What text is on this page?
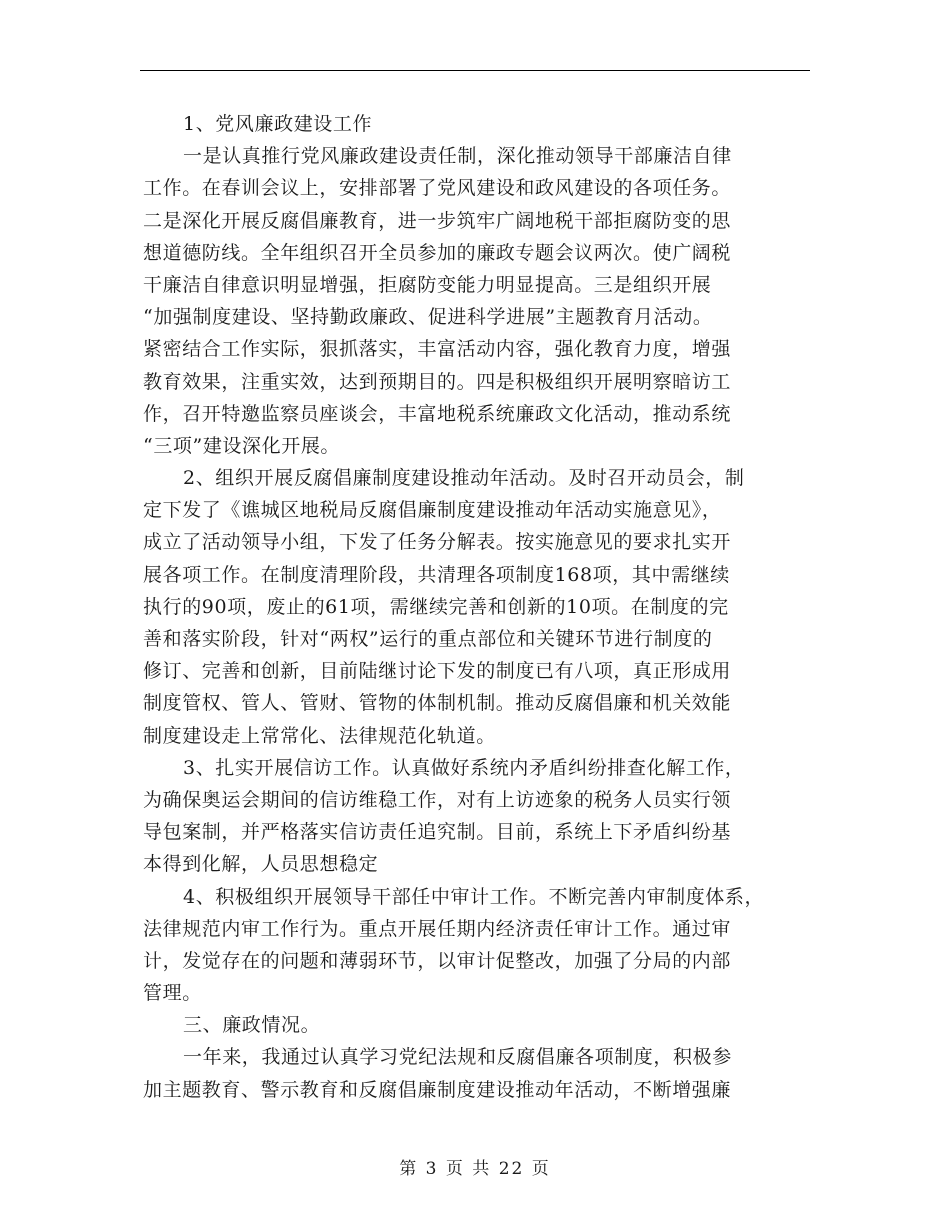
1、党风廉政建设工作
一是认真推行党风廉政建设责任制，深化推动领导干部廉洁自律
工作。在春训会议上，安排部署了党风建设和政风建设的各项任务。
二是深化开展反腐倡廉教育，进一步筑牢广阔地税干部拒腐防变的思
想道德防线。全年组织召开全员参加的廉政专题会议两次。使广阔税
干廉洁自律意识明显增强，拒腐防变能力明显提高。三是组织开展
“加强制度建设、坚持勤政廉政、促进科学进展”主题教育月活动。
紧密结合工作实际，狠抓落实，丰富活动内容，强化教育力度，增强
教育效果，注重实效，达到预期目的。四是积极组织开展明察暗访工
作，召开特邀监察员座谈会，丰富地税系统廉政文化活动，推动系统
“三项”建设深化开展。
2、组织开展反腐倡廉制度建设推动年活动。及时召开动员会，制
定下发了《谯城区地税局反腐倡廉制度建设推动年活动实施意见》，
成立了活动领导小组，下发了任务分解表。按实施意见的要求扎实开
展各项工作。在制度清理阶段，共清理各项制度168项，其中需继续
执行的90项，废止的61项，需继续完善和创新的10项。在制度的完
善和落实阶段，针对“两权”运行的重点部位和关键环节进行制度的
修订、完善和创新，目前陆继讨论下发的制度已有八项，真正形成用
制度管权、管人、管财、管物的体制机制。推动反腐倡廉和机关效能
制度建设走上常常化、法律规范化轨道。
3、扎实开展信访工作。认真做好系统内矛盾纠纷排查化解工作，
为确保奥运会期间的信访维稳工作，对有上访迹象的税务人员实行领
导包案制，并严格落实信访责任追究制。目前，系统上下矛盾纠纷基
本得到化解，人员思想稳定
4、积极组织开展领导干部任中审计工作。不断完善内审制度体系，
法律规范内审工作行为。重点开展任期内经济责任审计工作。通过审
计，发觉存在的问题和薄弱环节，以审计促整改，加强了分局的内部
管理。
三、廉政情况。
一年来，我通过认真学习党纪法规和反腐倡廉各项制度，积极参
加主题教育、警示教育和反腐倡廉制度建设推动年活动，不断增强廉
第 3 页 共 22 页
